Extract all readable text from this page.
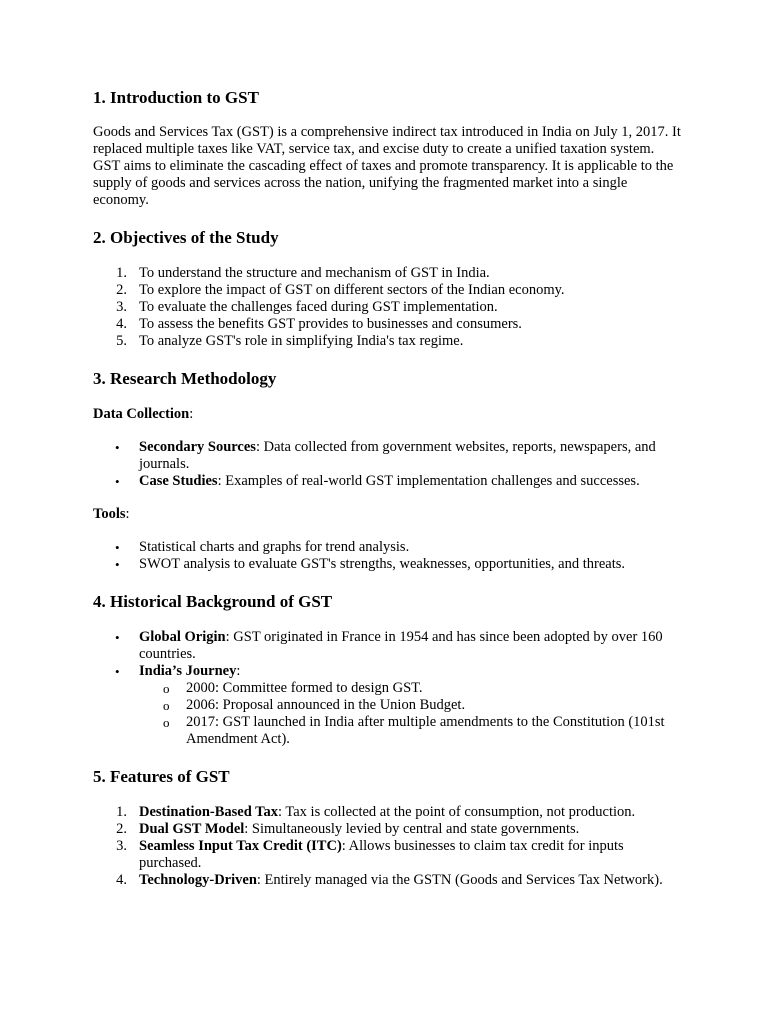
1. Introduction to GST

Goods and Services Tax (GST) is a comprehensive indirect tax introduced in India on July 1, 2017. It replaced multiple taxes like VAT, service tax, and excise duty to create a unified taxation system. GST aims to eliminate the cascading effect of taxes and promote transparency. It is applicable to the supply of goods and services across the nation, unifying the fragmented market into a single economy.

2. Objectives of the Study
1. To understand the structure and mechanism of GST in India.
2. To explore the impact of GST on different sectors of the Indian economy.
3. To evaluate the challenges faced during GST implementation.
4. To assess the benefits GST provides to businesses and consumers.
5. To analyze GST's role in simplifying India's tax regime.
3. Research Methodology
Data Collection:
• Secondary Sources: Data collected from government websites, reports, newspapers, and journals.
• Case Studies: Examples of real-world GST implementation challenges and successes.
Tools:
• Statistical charts and graphs for trend analysis.
• SWOT analysis to evaluate GST's strengths, weaknesses, opportunities, and threats.
4. Historical Background of GST
• Global Origin: GST originated in France in 1954 and has since been adopted by over 160 countries.
• India’s Journey:
o 2000: Committee formed to design GST.
o 2006: Proposal announced in the Union Budget.
o 2017: GST launched in India after multiple amendments to the Constitution (101st Amendment Act).
5. Features of GST
1. Destination-Based Tax: Tax is collected at the point of consumption, not production.
2. Dual GST Model: Simultaneously levied by central and state governments.
3. Seamless Input Tax Credit (ITC): Allows businesses to claim tax credit for inputs purchased.
4. Technology-Driven: Entirely managed via the GSTN (Goods and Services Tax Network).
